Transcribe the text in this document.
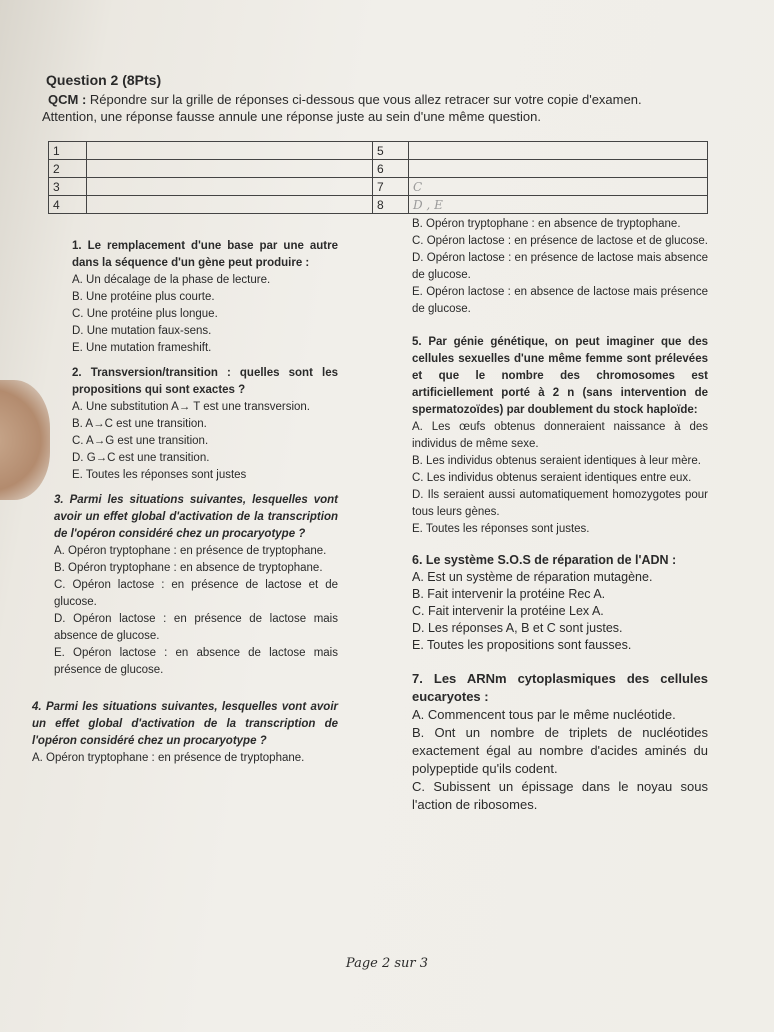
Question 2 (8Pts)
QCM : Répondre sur la grille de réponses ci-dessous que vous allez retracer sur votre copie d'examen.
Attention, une réponse fausse annule une réponse juste au sein d'une même question.
1		5	
2		6	
3		7	C
4		8	D , E
1. Le remplacement d'une base par une autre dans la séquence d'un gène peut produire :
A. Un décalage de la phase de lecture.
B. Une protéine plus courte.
C. Une protéine plus longue.
D. Une mutation faux-sens.
E. Une mutation frameshift.
2. Transversion/transition : quelles sont les propositions qui sont exactes ?
A. Une substitution A→ T est une transversion.
B. A→C est une transition.
C. A→G est une transition.
D. G→C est une transition.
E. Toutes les réponses sont justes
3. Parmi les situations suivantes, lesquelles vont avoir un effet global d'activation de la transcription de l'opéron considéré chez un procaryotype ?
A. Opéron tryptophane : en présence de tryptophane.
B. Opéron tryptophane : en absence de tryptophane.
C. Opéron lactose : en présence de lactose et de glucose.
D. Opéron lactose : en présence de lactose mais absence de glucose.
E. Opéron lactose : en absence de lactose mais présence de glucose.
4. Parmi les situations suivantes, lesquelles vont avoir un effet global d'activation de la transcription de l'opéron considéré chez un procaryotype ?
A. Opéron tryptophane : en présence de tryptophane.
B. Opéron tryptophane : en absence de tryptophane.
C. Opéron lactose : en présence de lactose et de glucose.
D. Opéron lactose : en présence de lactose mais absence de glucose.
E. Opéron lactose : en absence de lactose mais présence de glucose.
5. Par génie génétique, on peut imaginer que des cellules sexuelles d'une même femme sont prélevées et que le nombre des chromosomes est artificiellement porté à 2 n (sans intervention de spermatozoïdes) par doublement du stock haploïde:
A. Les œufs obtenus donneraient naissance à des individus de même sexe.
B. Les individus obtenus seraient identiques à leur mère.
C. Les individus obtenus seraient identiques entre eux.
D. Ils seraient aussi automatiquement homozygotes pour tous leurs gènes.
E. Toutes les réponses sont justes.
6. Le système S.O.S de réparation de l'ADN :
A. Est un système de réparation mutagène.
B. Fait intervenir la protéine Rec A.
C. Fait intervenir la protéine Lex A.
D. Les réponses A, B et C sont justes.
E. Toutes les propositions sont fausses.
7. Les ARNm cytoplasmiques des cellules eucaryotes :
A. Commencent tous par le même nucléotide.
B. Ont un nombre de triplets de nucléotides exactement égal au nombre d'acides aminés du polypeptide qu'ils codent.
C. Subissent un épissage dans le noyau sous l'action de ribosomes.
Page 2 sur 3
